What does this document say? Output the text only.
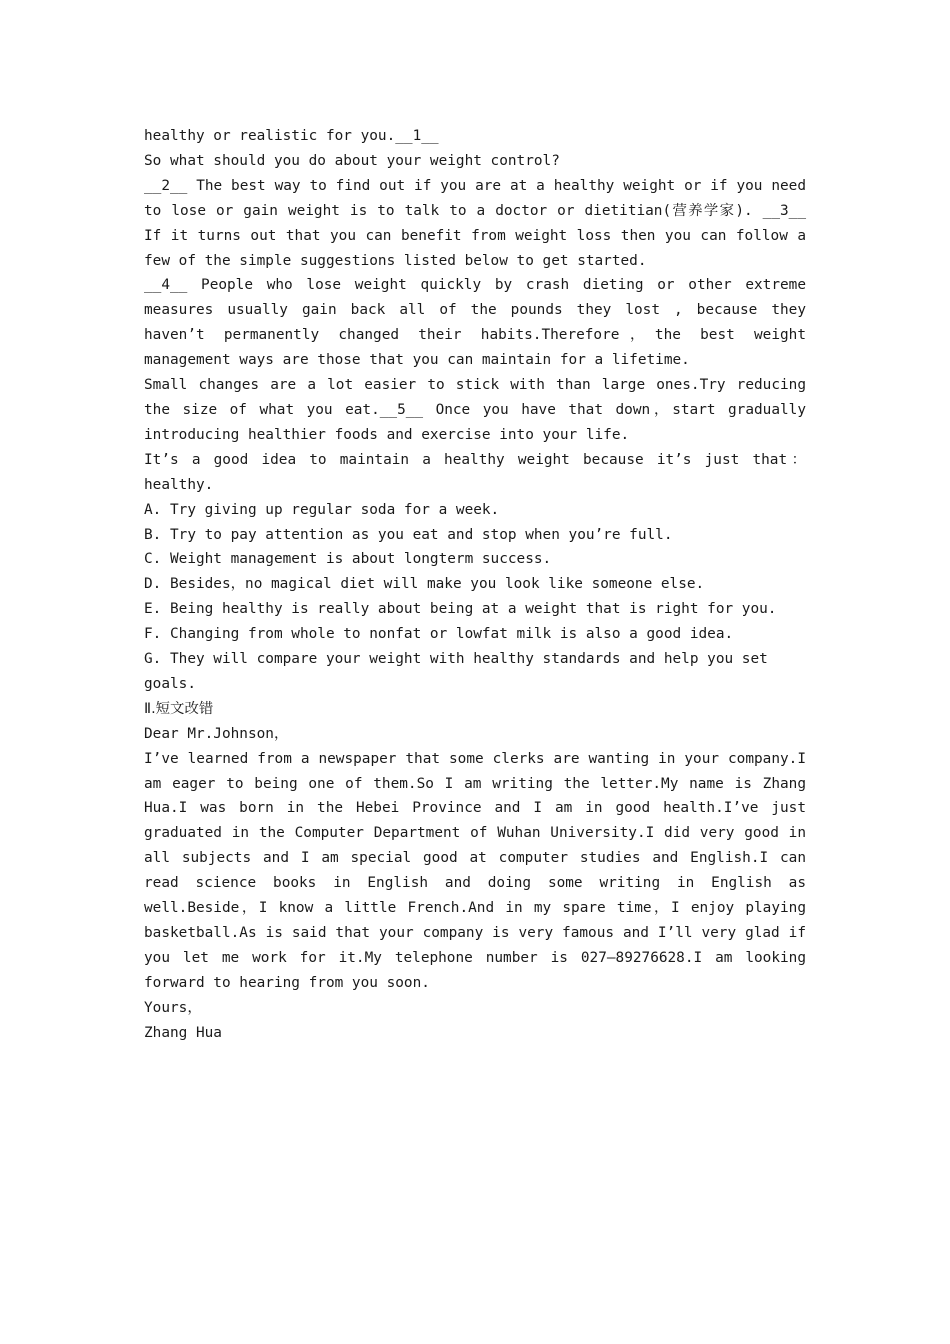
healthy or realistic for you.__1__

So what should you do about your weight control?

__2__ The best way to find out if you are at a healthy weight or if you need to lose or gain weight is to talk to a doctor or dietitian(营养学家). __3__ If it turns out that you can benefit from weight loss then you can follow a few of the simple suggestions listed below to get started.

__4__ People who lose weight quickly by crash dieting or other extreme measures usually gain back all of the pounds they lost , because they haven’t permanently changed their habits.Therefore，the best weight management ways are those that you can maintain for a lifetime.

Small changes are a lot easier to stick with than large ones.Try reducing the size of what you eat.__5__ Once you have that down，start gradually introducing healthier foods and exercise into your life.

It’s a good idea to maintain a healthy weight because it’s just that：healthy.

A. Try giving up regular soda for a week.

B. Try to pay attention as you eat and stop when you’re full.

C. Weight management is about longterm success.

D. Besides，no magical diet will make you look like someone else.

E. Being healthy is really about being at a weight that is right for you.

F. Changing from whole to nonfat or lowfat milk is also a good idea.

G. They will compare your weight with healthy standards and help you set goals.

Ⅱ.短文改错

Dear Mr.Johnson，

I’ve learned from a newspaper that some clerks are wanting in your company.I am eager to being one of them.So I am writing the letter.My name is Zhang Hua.I was born in the Hebei Province and I am in good health.I’ve just graduated in the Computer Department of Wuhan University.I did very good in all subjects and I am special good at computer studies and English.I can read science books in English and doing some writing in English as well.Beside，I know a little French.And in my spare time，I enjoy playing basketball.As is said that your company is very famous and I’ll very glad if you let me work for it.My telephone number is 027—89276628.I am looking forward to hearing from you soon.

Yours，

Zhang Hua
